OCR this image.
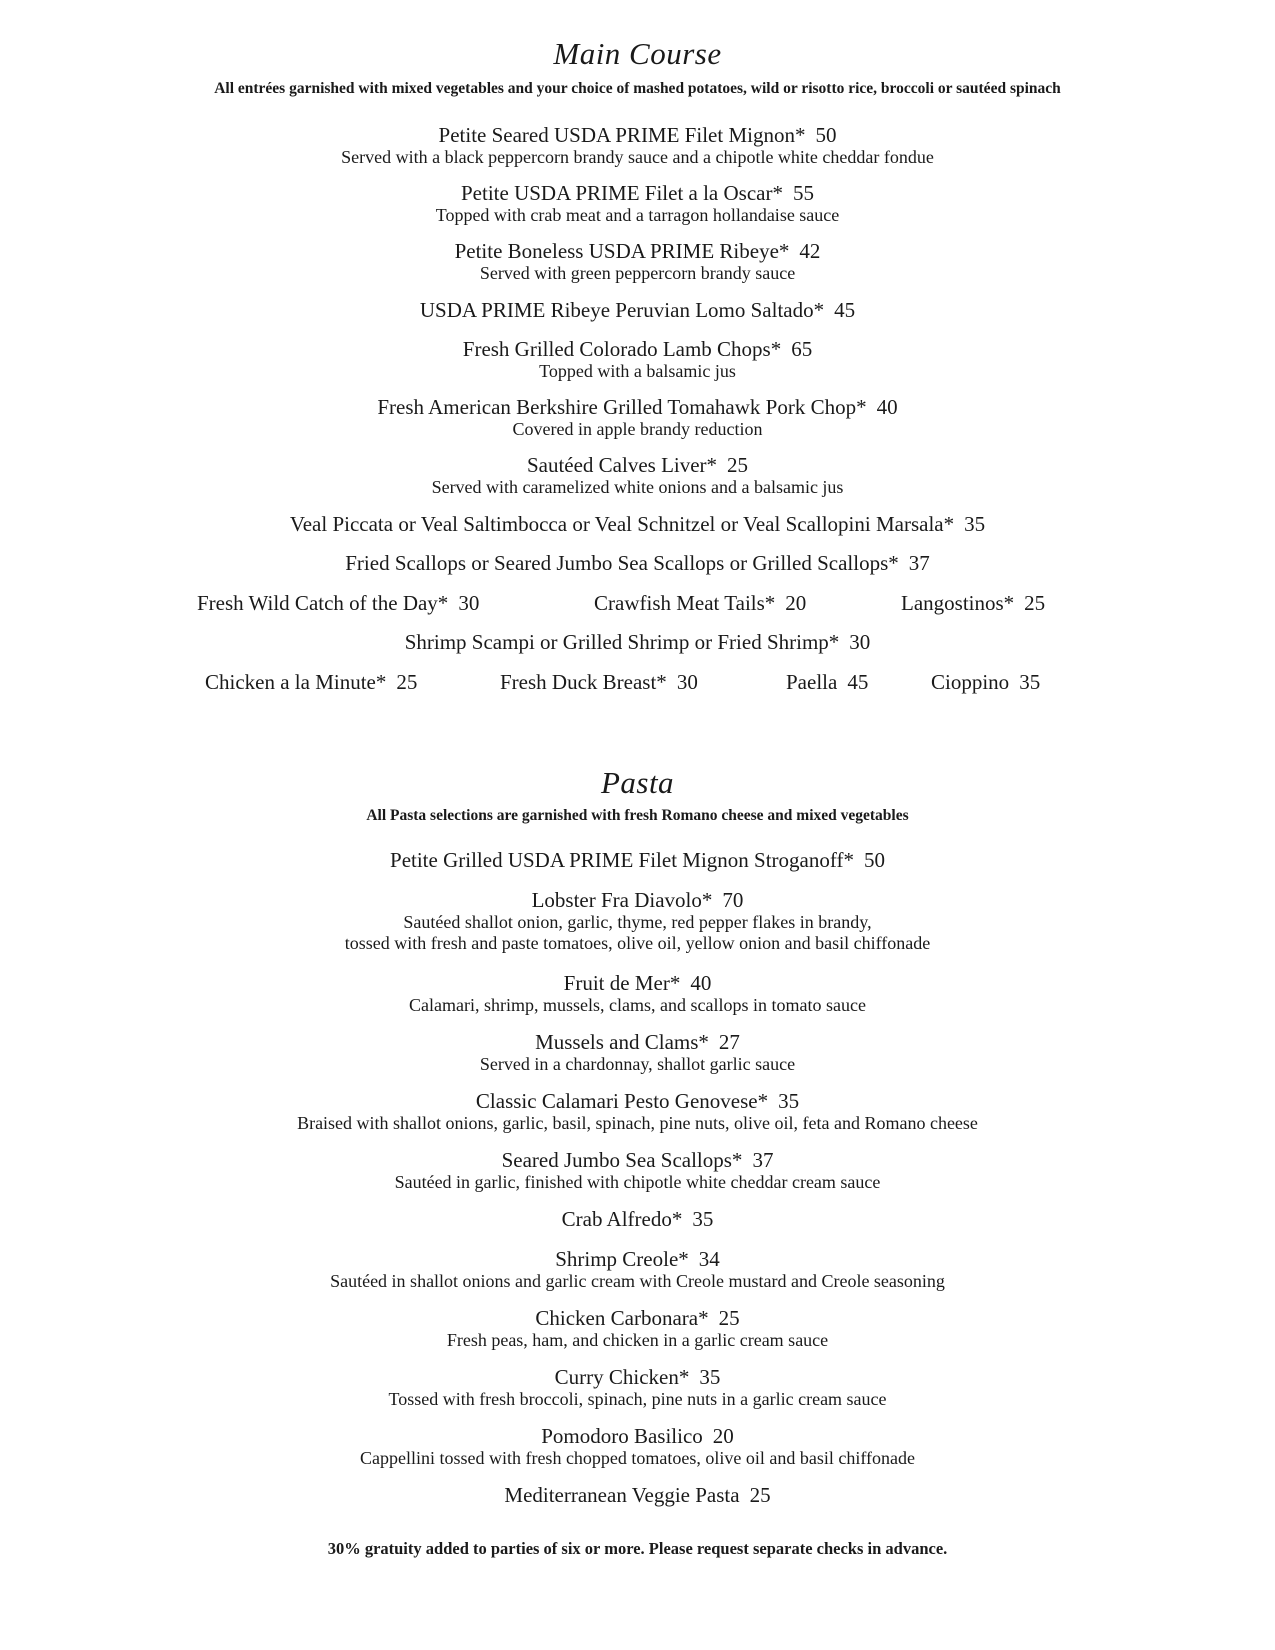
Main Course
All entrées garnished with mixed vegetables and your choice of mashed potatoes, wild or risotto rice, broccoli or sautéed spinach
Petite Seared USDA PRIME Filet Mignon* 50
Served with a black peppercorn brandy sauce and a chipotle white cheddar fondue
Petite USDA PRIME Filet a la Oscar* 55
Topped with crab meat and a tarragon hollandaise sauce
Petite Boneless USDA PRIME Ribeye* 42
Served with green peppercorn brandy sauce
USDA PRIME Ribeye Peruvian Lomo Saltado* 45
Fresh Grilled Colorado Lamb Chops* 65
Topped with a balsamic jus
Fresh American Berkshire Grilled Tomahawk Pork Chop* 40
Covered in apple brandy reduction
Sautéed Calves Liver* 25
Served with caramelized white onions and a balsamic jus
Veal Piccata or Veal Saltimbocca or Veal Schnitzel or Veal Scallopini Marsala* 35
Fried Scallops or Seared Jumbo Sea Scallops or Grilled Scallops* 37
Fresh Wild Catch of the Day* 30	Crawfish Meat Tails* 20	Langostinos* 25
Shrimp Scampi or Grilled Shrimp or Fried Shrimp* 30
Chicken a la Minute* 25	Fresh Duck Breast* 30	Paella 45	Cioppino 35
Pasta
All Pasta selections are garnished with fresh Romano cheese and mixed vegetables
Petite Grilled USDA PRIME Filet Mignon Stroganoff* 50
Lobster Fra Diavolo* 70
Sautéed shallot onion, garlic, thyme, red pepper flakes in brandy,
tossed with fresh and paste tomatoes, olive oil, yellow onion and basil chiffonade
Fruit de Mer* 40
Calamari, shrimp, mussels, clams, and scallops in tomato sauce
Mussels and Clams* 27
Served in a chardonnay, shallot garlic sauce
Classic Calamari Pesto Genovese* 35
Braised with shallot onions, garlic, basil, spinach, pine nuts, olive oil, feta and Romano cheese
Seared Jumbo Sea Scallops* 37
Sautéed in garlic, finished with chipotle white cheddar cream sauce
Crab Alfredo* 35
Shrimp Creole* 34
Sautéed in shallot onions and garlic cream with Creole mustard and Creole seasoning
Chicken Carbonara* 25
Fresh peas, ham, and chicken in a garlic cream sauce
Curry Chicken* 35
Tossed with fresh broccoli, spinach, pine nuts in a garlic cream sauce
Pomodoro Basilico 20
Cappellini tossed with fresh chopped tomatoes, olive oil and basil chiffonade
Mediterranean Veggie Pasta 25
30% gratuity added to parties of six or more. Please request separate checks in advance.
